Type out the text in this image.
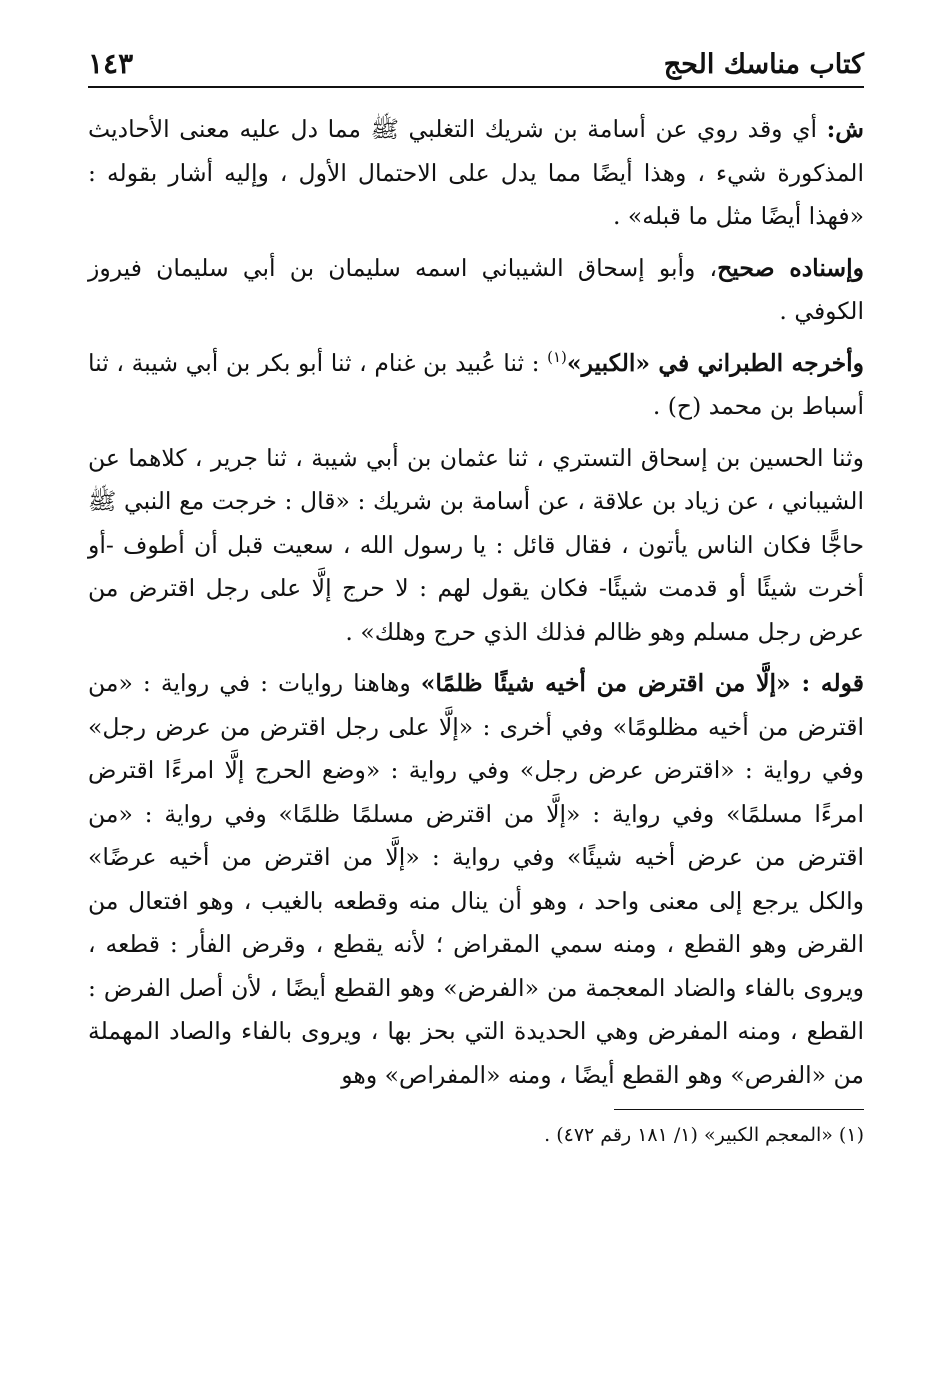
كتاب مناسك الحج
١٤٣

ش: أي وقد روي عن أسامة بن شريك التغلبي ﷺ مما دل عليه معنى الأحاديث المذكورة شيء ، وهذا أيضًا مما يدل على الاحتمال الأول ، وإليه أشار بقوله : «فهذا أيضًا مثل ما قبله» .

وإسناده صحيح، وأبو إسحاق الشيباني اسمه سليمان بن أبي سليمان فيروز الكوفي .

وأخرجه الطبراني في «الكبير»$^{(١)}$ : ثنا عُبيد بن غنام ، ثنا أبو بكر بن أبي شيبة ، ثنا أسباط بن محمد (ح) .

وثنا الحسين بن إسحاق التستري ، ثنا عثمان بن أبي شيبة ، ثنا جرير ، كلاهما عن الشيباني ، عن زياد بن علاقة ، عن أسامة بن شريك : «قال : خرجت مع النبي ﷺ حاجًّا فكان الناس يأتون ، فقال قائل : يا رسول الله ، سعيت قبل أن أطوف -أو أخرت شيئًا أو قدمت شيئًا- فكان يقول لهم : لا حرج إلَّا على رجل اقترض من عرض رجل مسلم وهو ظالم فذلك الذي حرج وهلك» .

قوله : «إلَّا من اقترض من أخيه شيئًا ظلمًا» وهاهنا روايات : في رواية : «من اقترض من أخيه مظلومًا» وفي أخرى : «إلَّا على رجل اقترض من عرض رجل» وفي رواية : «اقترض عرض رجل» وفي رواية : «وضع الحرج إلَّا امرءًا اقترض امرءًا مسلمًا» وفي رواية : «إلَّا من اقترض مسلمًا ظلمًا» وفي رواية : «من اقترض من عرض أخيه شيئًا» وفي رواية : «إلَّا من اقترض من أخيه عرضًا» والكل يرجع إلى معنى واحد ، وهو أن ينال منه وقطعه بالغيب ، وهو افتعال من القرض وهو القطع ، ومنه سمي المقراض ؛ لأنه يقطع ، وقرض الفأر : قطعه ، ويروى بالفاء والضاد المعجمة من «الفرض» وهو القطع أيضًا ، لأن أصل الفرض : القطع ، ومنه المفرض وهي الحديدة التي بحز بها ، ويروى بالفاء والصاد المهملة من «الفرص» وهو القطع أيضًا ، ومنه «المفراص» وهو

(١) «المعجم الكبير» (١/ ١٨١ رقم ٤٧٢) .
